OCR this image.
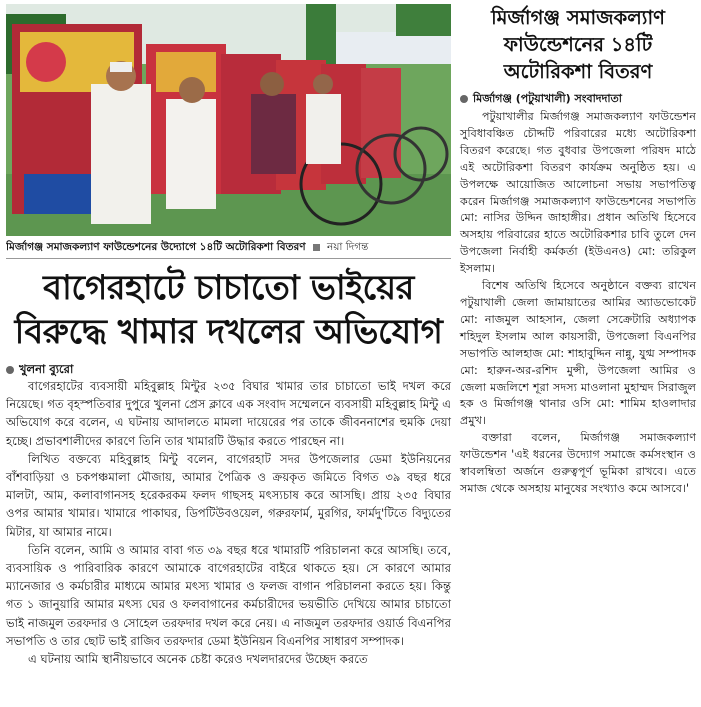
মির্জাগঞ্জ সমাজকল্যাণ ফাউন্ডেশনের উদ্যোগে ১৪টি অটোরিকশা বিতরণ নয়া দিগন্ত
বাগেরহাটে চাচাতো ভাইয়ের
বিরুদ্ধে খামার দখলের অভিযোগ
খুলনা ব্যুরো

বাগেরহাটের ব্যবসায়ী মহিবুল্লাহ মিন্টুর ২৩৫ বিঘার খামার তার চাচাতো ভাই দখল করে নিয়েছে। গত বৃহস্পতিবার দুপুরে খুলনা প্রেস ক্লাবে এক সংবাদ সম্মেলনে ব্যবসায়ী মহিবুল্লাহ মিন্টু এ অভিযোগ করে বলেন, এ ঘটনায় আদালতে মামলা দায়েরের পর তাকে জীবননাশের হুমকি দেয়া হচ্ছে। প্রভাবশালীদের কারণে তিনি তার খামারটি উদ্ধার করতে পারছেন না।

লিখিত বক্তব্যে মহিবুল্লাহ মিন্টু বলেন, বাগেরহাট সদর উপজেলার ডেমা ইউনিয়নের বাঁশবাড়িয়া ও চকপঞ্চমালা মৌজায়, আমার পৈত্রিক ও ক্রয়কৃত জমিতে বিগত ৩৯ বছর ধরে মালটা, আম, কলাবাগানসহ হরেকরকম ফলদ গাছসহ মৎস্যচাষ করে আসছি। প্রায় ২৩৫ বিঘার ওপর আমার খামার। খামারে পাকাঘর, ডিপটিউবওয়েল, গরুরফার্ম, মুরগির, ফার্মদু'টিতে বিদ্যুতের মিটার, যা আমার নামে।

তিনি বলেন, আমি ও আমার বাবা গত ৩৯ বছর ধরে খামারটি পরিচালনা করে আসছি। তবে, ব্যবসায়িক ও পারিবারিক কারণে আমাকে বাগেরহাটের বাইরে থাকতে হয়। সে কারণে আমার ম্যানেজার ও কর্মচারীর মাধ্যমে আমার মৎস্য খামার ও ফলজ বাগান পরিচালনা করতে হয়। কিন্তু গত ১ জানুয়ারি আমার মৎস্য ঘের ও ফলবাগানের কর্মচারীদের ভয়ভীতি দেখিয়ে আমার চাচাতো ভাই নাজমুল তরফদার ও সোহেল তরফদার দখল করে নেয়। এ নাজমুল তরফদার ওয়ার্ড বিএনপির সভাপতি ও তার ছোট ভাই রাজিব তরফদার ডেমা ইউনিয়ন বিএনপির সাধারণ সম্পাদক।

এ ঘটনায় আমি স্থানীয়ভাবে অনেক চেষ্টা করেও দখলদারদের উচ্ছেদ করতে

মির্জাগঞ্জ সমাজকল্যাণ
ফাউন্ডেশনের ১৪টি
অটোরিকশা বিতরণ
মির্জাগঞ্জ (পটুয়াখালী) সংবাদদাতা

পটুয়াখালীর মির্জাগঞ্জ সমাজকল্যাণ ফাউন্ডেশন সুবিধাবঞ্চিত চৌদ্দটি পরিবারের মধ্যে অটোরিকশা বিতরণ করেছে। গত বুধবার উপজেলা পরিষদ মাঠে এই অটোরিকশা বিতরণ কার্যক্রম অনুষ্ঠিত হয়। এ উপলক্ষে আয়োজিত আলোচনা সভায় সভাপতিত্ব করেন মির্জাগঞ্জ সমাজকল্যাণ ফাউন্ডেশনের সভাপতি মো: নাসির উদ্দিন জাহাঙ্গীর। প্রধান অতিথি হিসেবে অসহায় পরিবারের হাতে অটোরিকশার চাবি তুলে দেন উপজেলা নির্বাহী কর্মকর্তা (ইউএনও) মো: তরিকুল ইসলাম।

বিশেষ অতিথি হিসেবে অনুষ্ঠানে বক্তব্য রাখেন পটুয়াখালী জেলা জামায়াতের আমির অ্যাডভোকেট মো: নাজমুল আহসান, জেলা সেক্রেটারি অধ্যাপক শহিদুল ইসলাম আল কায়সারী, উপজেলা বিএনপির সভাপতি আলহাজ মো: শাহাবুদ্দিন নান্নু, যুগ্ম সম্পাদক মো: হারুন-অর-রশিদ মুন্সী, উপজেলা আমির ও জেলা মজলিশে শূরা সদস্য মাওলানা মুহাম্মদ সিরাজুল হক ও মির্জাগঞ্জ থানার ওসি মো: শামিম হাওলাদার প্রমুখ।

বক্তারা বলেন, মির্জাগঞ্জ সমাজকল্যাণ ফাউন্ডেশন 'এই ধরনের উদ্যোগ সমাজে কর্মসংস্থান ও স্বাবলম্বিতা অর্জনে গুরুত্বপূর্ণ ভূমিকা রাখবে। এতে সমাজ থেকে অসহায় মানুষের সংখ্যাও কমে আসবে।'
